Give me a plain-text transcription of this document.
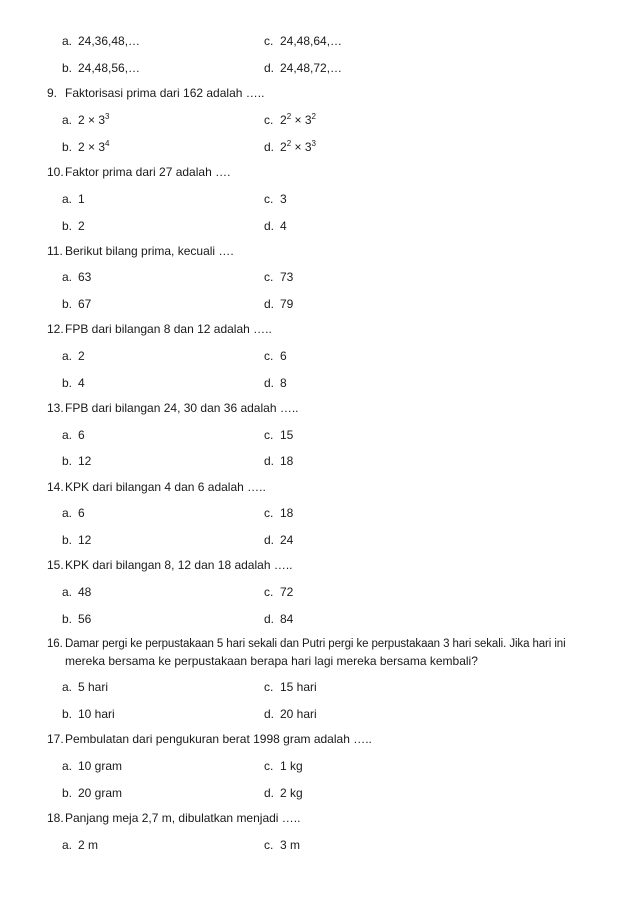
a. 24,36,48,…	c. 24,48,64,…
b. 24,48,56,…	d. 24,48,72,…
9. Faktorisasi prima dari 162 adalah …..
a. $2 \times 3^3$	c. $2^2 \times 3^2$
b. $2 \times 3^4$	d. $2^2 \times 3^3$
10.Faktor prima dari 27 adalah ….
a. 1	c. 3
b. 2	d. 4
11. Berikut bilang prima, kecuali ….
a. 63	c. 73
b. 67	d. 79
12.FPB dari bilangan 8 dan 12 adalah …..
a. 2	c. 6
b. 4	d. 8
13.FPB dari bilangan 24, 30 dan 36 adalah …..
a. 6	c. 15
b. 12	d. 18
14.KPK dari bilangan 4 dan 6 adalah …..
a. 6	c. 18
b. 12	d. 24
15.KPK dari bilangan 8, 12 dan 18 adalah …..
a. 48	c. 72
b. 56	d. 84
16. Damar pergi ke perpustakaan 5 hari sekali dan Putri pergi ke perpustakaan 3 hari sekali. Jika hari ini
mereka bersama ke perpustakaan berapa hari lagi mereka bersama kembali?
a. 5 hari	c. 15 hari
b. 10 hari	d. 20 hari
17.Pembulatan dari pengukuran berat 1998 gram adalah …..
a. 10 gram	c. 1 kg
b. 20 gram	d. 2 kg
18.Panjang meja 2,7 m, dibulatkan menjadi …..
a. 2 m	c. 3 m
